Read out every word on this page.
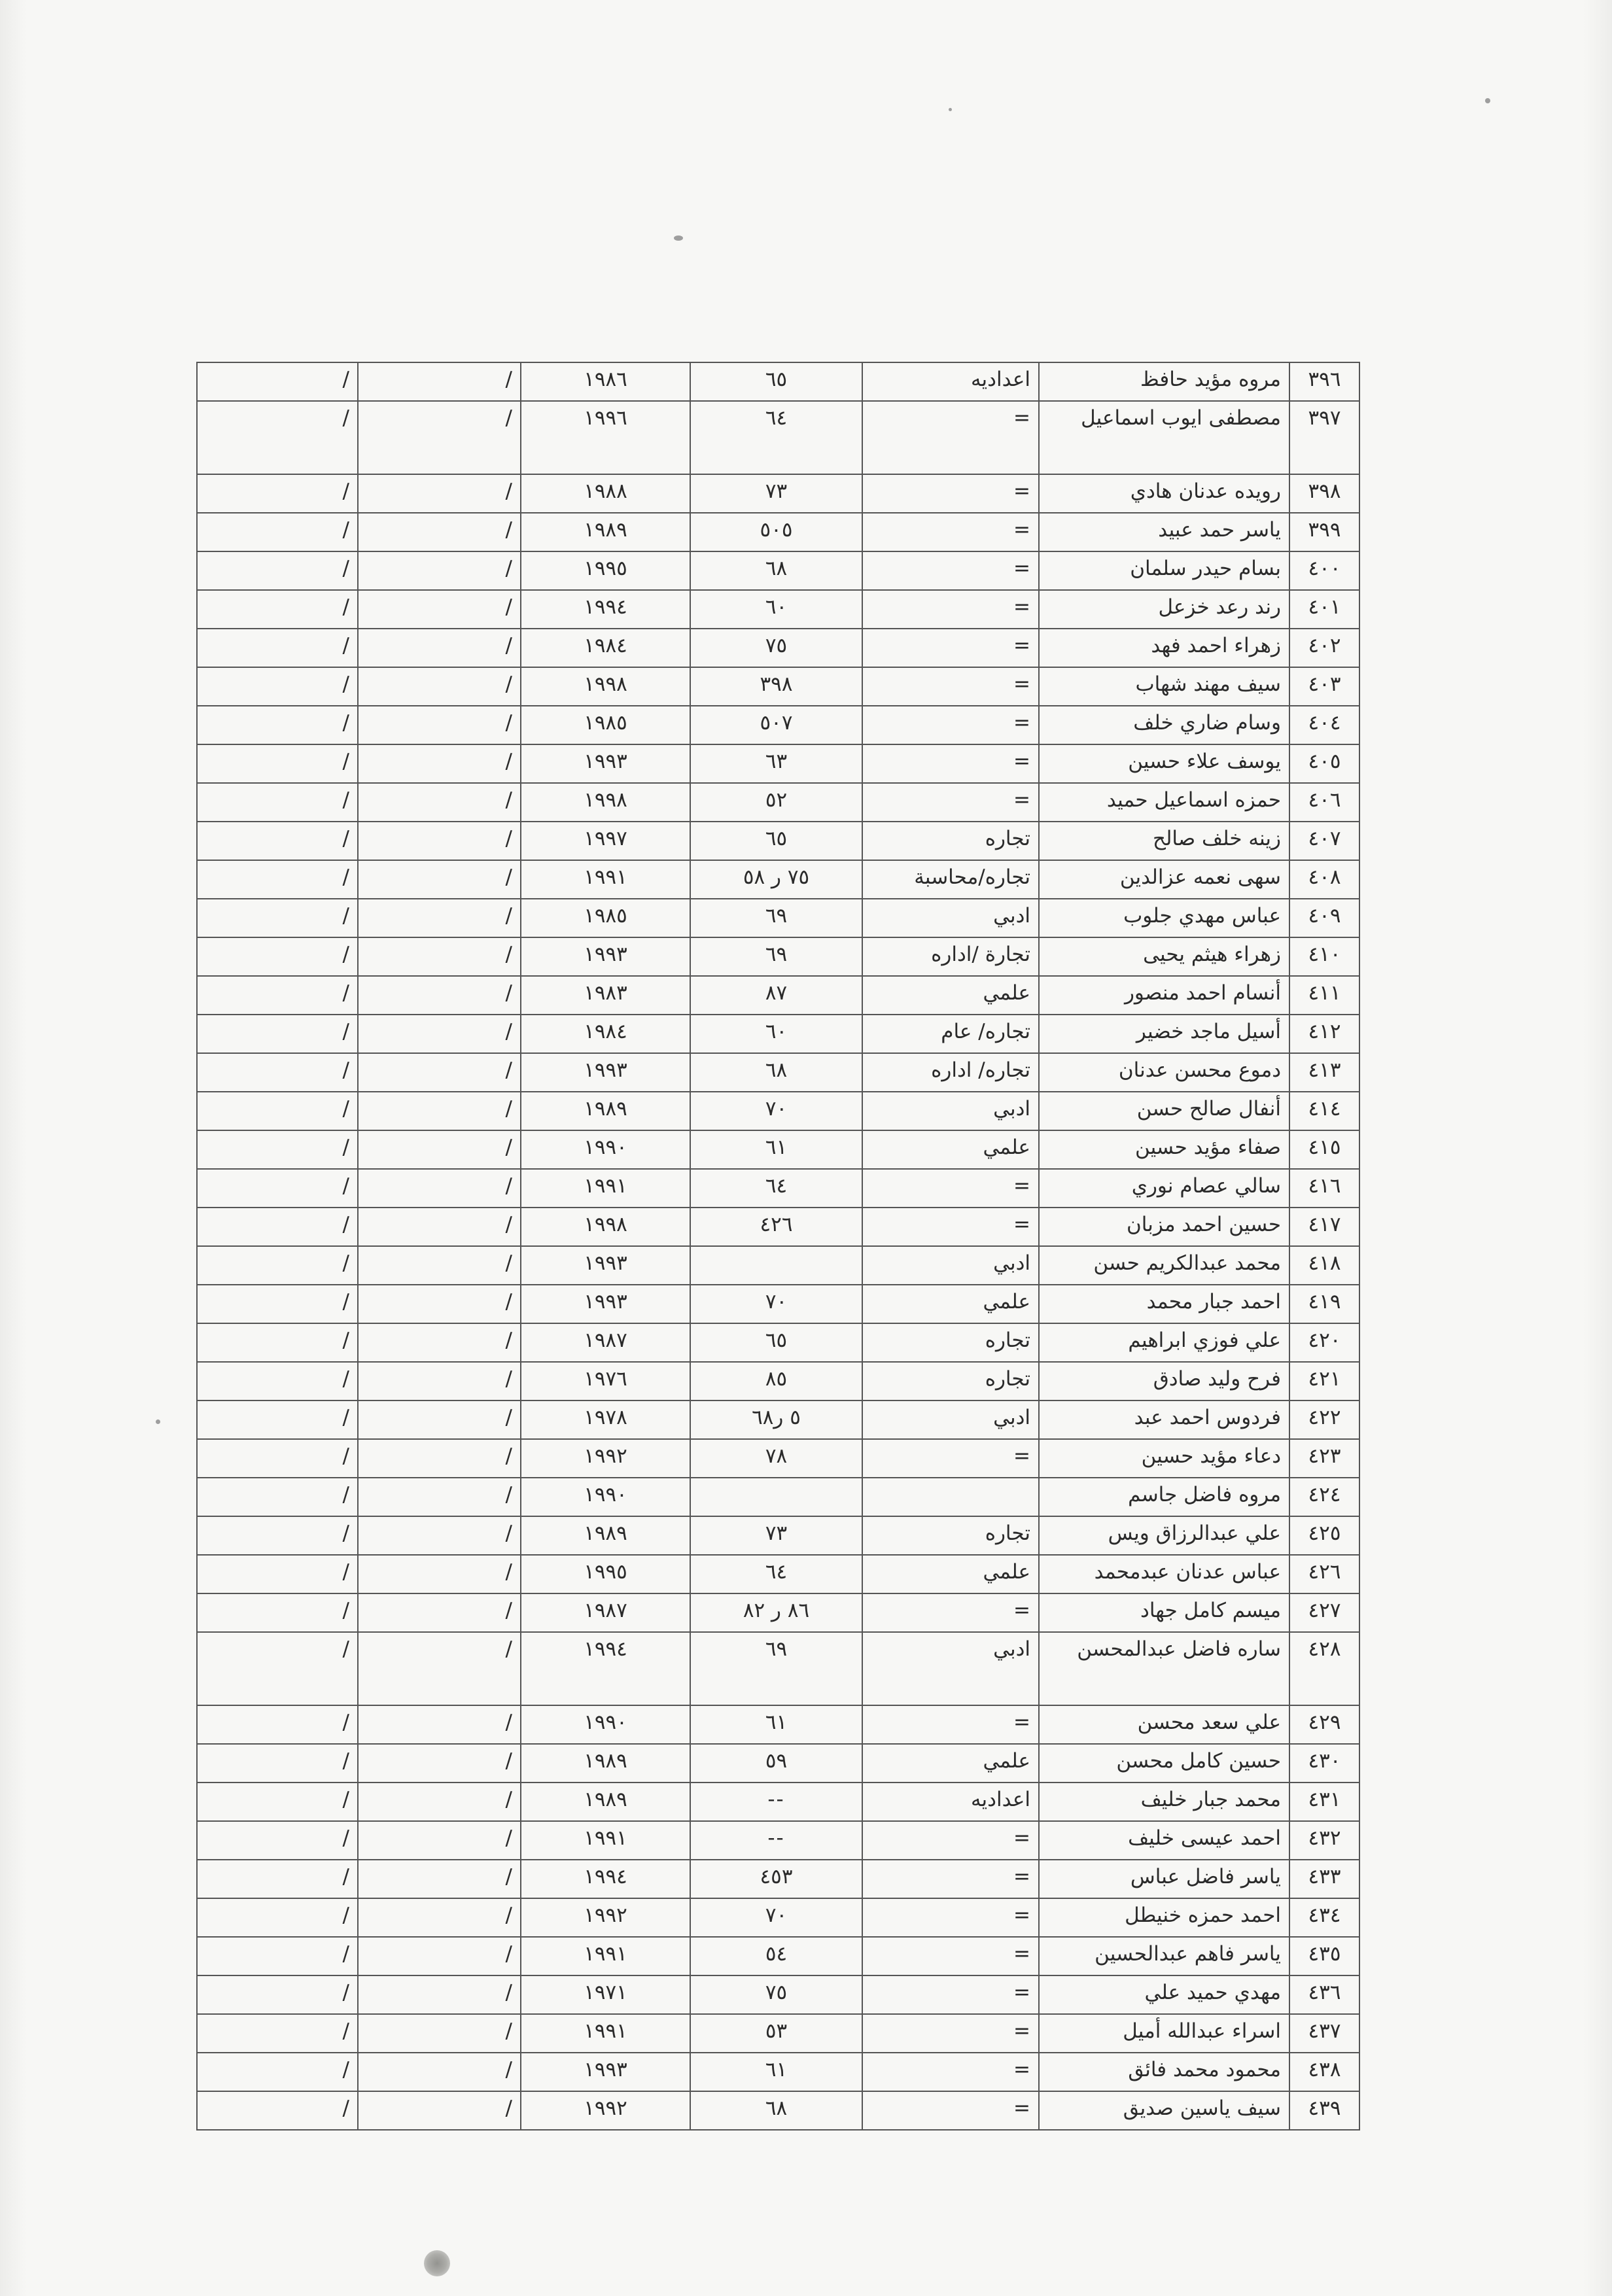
/	/	١٩٨٦	٦٥	اعداديه	مروه مؤيد حافظ	٣٩٦
/	/	١٩٩٦	٦٤	=	مصطفى ايوب اسماعيل	٣٩٧
/	/	١٩٨٨	٧٣	=	رويده عدنان هادي	٣٩٨
/	/	١٩٨٩	٥٠٥	=	ياسر حمد عبيد	٣٩٩
/	/	١٩٩٥	٦٨	=	بسام حيدر سلمان	٤٠٠
/	/	١٩٩٤	٦٠	=	رند رعد خزعل	٤٠١
/	/	١٩٨٤	٧٥	=	زهراء احمد فهد	٤٠٢
/	/	١٩٩٨	٣٩٨	=	سيف مهند شهاب	٤٠٣
/	/	١٩٨٥	٥٠٧	=	وسام ضاري خلف	٤٠٤
/	/	١٩٩٣	٦٣	=	يوسف علاء حسين	٤٠٥
/	/	١٩٩٨	٥٢	=	حمزه اسماعيل حميد	٤٠٦
/	/	١٩٩٧	٦٥	تجاره	زينه خلف صالح	٤٠٧
/	/	١٩٩١	٧٥ ر ٥٨	تجاره/محاسبة	سهى نعمه عزالدين	٤٠٨
/	/	١٩٨٥	٦٩	ادبي	عباس مهدي جلوب	٤٠٩
/	/	١٩٩٣	٦٩	تجارة /اداره	زهراء هيثم يحيى	٤١٠
/	/	١٩٨٣	٨٧	علمي	أنسام احمد منصور	٤١١
/	/	١٩٨٤	٦٠	تجاره/ عام	أسيل ماجد خضير	٤١٢
/	/	١٩٩٣	٦٨	تجاره/ اداره	دموع محسن عدنان	٤١٣
/	/	١٩٨٩	٧٠	ادبي	أنفال صالح حسن	٤١٤
/	/	١٩٩٠	٦١	علمي	صفاء مؤيد حسين	٤١٥
/	/	١٩٩١	٦٤	=	سالي عصام نوري	٤١٦
/	/	١٩٩٨	٤٢٦	=	حسين احمد مزبان	٤١٧
/	/	١٩٩٣		ادبي	محمد عبدالكريم حسن	٤١٨
/	/	١٩٩٣	٧٠	علمي	احمد جبار محمد	٤١٩
/	/	١٩٨٧	٦٥	تجاره	علي فوزي ابراهيم	٤٢٠
/	/	١٩٧٦	٨٥	تجاره	فرح وليد صادق	٤٢١
/	/	١٩٧٨	٥ ر٦٨	ادبي	فردوس احمد عبد	٤٢٢
/	/	١٩٩٢	٧٨	=	دعاء مؤيد حسين	٤٢٣
/	/	١٩٩٠			مروه فاضل جاسم	٤٢٤
/	/	١٩٨٩	٧٣	تجاره	علي عبدالرزاق ويس	٤٢٥
/	/	١٩٩٥	٦٤	علمي	عباس عدنان عبدمحمد	٤٢٦
/	/	١٩٨٧	٨٦ ر ٨٢	=	ميسم كامل جهاد	٤٢٧
/	/	١٩٩٤	٦٩	ادبي	ساره فاضل عبدالمحسن	٤٢٨
/	/	١٩٩٠	٦١	=	علي سعد محسن	٤٢٩
/	/	١٩٨٩	٥٩	علمي	حسين كامل محسن	٤٣٠
/	/	١٩٨٩	--	اعداديه	محمد جبار خليف	٤٣١
/	/	١٩٩١	--	=	احمد عيسى خليف	٤٣٢
/	/	١٩٩٤	٤٥٣	=	ياسر فاضل عباس	٤٣٣
/	/	١٩٩٢	٧٠	=	احمد حمزه خنيطل	٤٣٤
/	/	١٩٩١	٥٤	=	ياسر فاهم عبدالحسين	٤٣٥
/	/	١٩٧١	٧٥	=	مهدي حميد علي	٤٣٦
/	/	١٩٩١	٥٣	=	اسراء عبدالله أميل	٤٣٧
/	/	١٩٩٣	٦١	=	محمود محمد فائق	٤٣٨
/	/	١٩٩٢	٦٨	=	سيف ياسين صديق	٤٣٩
